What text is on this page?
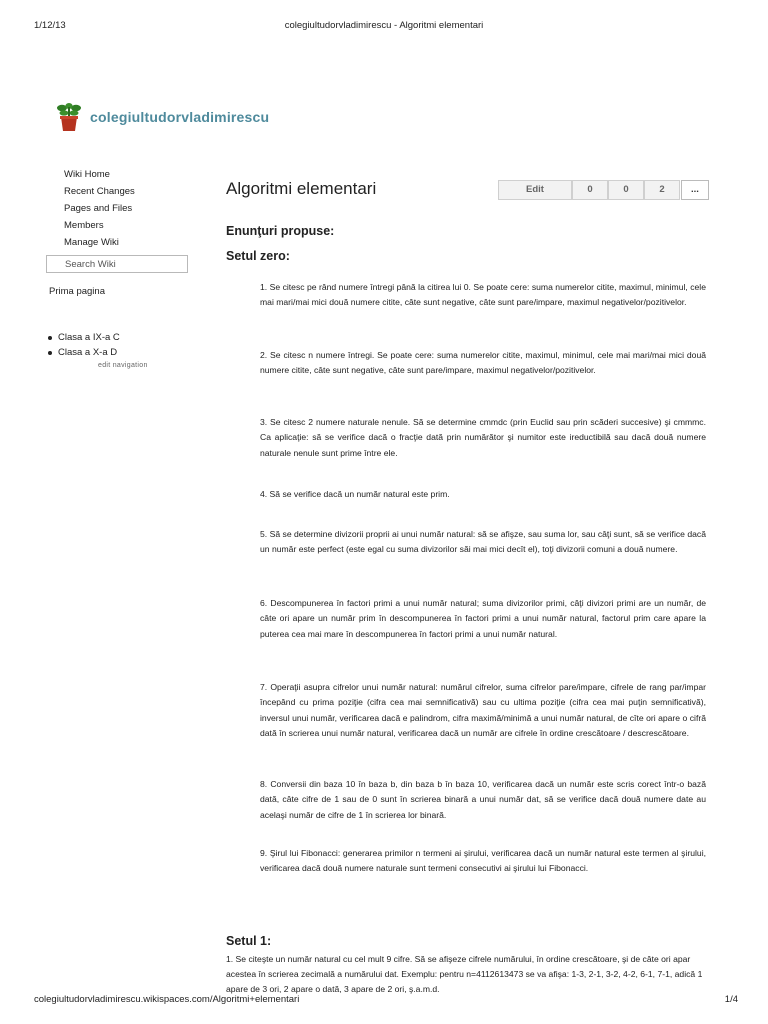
1/12/13	colegiultudorvladimirescu - Algoritmi elementari
colegiultudorvladimirescu
Wiki Home
Recent Changes
Pages and Files
Members
Manage Wiki
Search Wiki
Prima pagina
Clasa a IX-a C
Clasa a X-a D
edit navigation
Algoritmi elementari	Edit	0	0	2	...
Enunţuri propuse:
Setul zero:

1. Se citesc pe rând numere întregi până la citirea lui 0. Se poate cere: suma numerelor citite, maximul, minimul, cele mai mari/mai mici două numere citite, câte sunt negative, câte sunt pare/impare, maximul negativelor/pozitivelor.

2. Se citesc n numere întregi. Se poate cere: suma numerelor citite, maximul, minimul, cele mai mari/mai mici două numere citite, câte sunt negative, câte sunt pare/impare, maximul negativelor/pozitivelor.

3. Se citesc 2 numere naturale nenule. Să se determine cmmdc (prin Euclid sau prin scăderi succesive) şi cmmmc. Ca aplicaţie: să se verifice dacă o fracţie dată prin numărător şi numitor este ireductibilă sau dacă două numere naturale nenule sunt prime între ele.

4. Să se verifice dacă un număr natural este prim.

5. Să se determine divizorii proprii ai unui număr natural: să se afişze, sau suma lor, sau câţi sunt, să se verifice dacă un număr este perfect (este egal cu suma divizorilor săi mai mici decît el), toţi divizorii comuni a două numere.

6. Descompunerea în factori primi a unui număr natural; suma divizorilor primi, câţi divizori primi are un număr, de câte ori apare un număr prim în descompunerea în factori primi a unui număr natural, factorul prim care apare la puterea cea mai mare în descompunerea în factori primi a unui număr natural.

7. Operaţii asupra cifrelor unui număr natural: numărul cifrelor, suma cifrelor pare/impare, cifrele de rang par/impar începând cu prima poziţie (cifra cea mai semnificativă) sau cu ultima poziţie (cifra cea mai puţin semnificativă), inversul unui număr, verificarea dacă e palindrom, cifra maximă/minimă a unui număr natural, de cîte ori apare o cifră dată în scrierea unui număr natural, verificarea dacă un număr are cifrele în ordine crescătoare / descrescătoare.

8. Conversii din baza 10 în baza b, din baza b în baza 10, verificarea dacă un număr este scris corect într-o bază dată, câte cifre de 1 sau de 0 sunt în scrierea binară a unui număr dat, să se verifice dacă două numere date au acelaşi număr de cifre de 1 în scrierea lor binară.

9. Şirul lui Fibonacci: generarea primilor n termeni ai şirului, verificarea dacă un număr natural este termen al şirului, verificarea dacă două numere naturale sunt termeni consecutivi ai şirului lui Fibonacci.

Setul 1:

1. Se citeşte un număr natural cu cel mult 9 cifre. Să se afişeze cifrele numărului, în ordine crescătoare, şi de câte ori apar acestea în scrierea zecimală a numărului dat. Exemplu: pentru n=4112613473 se va afişa: 1-3, 2-1, 3-2, 4-2, 6-1, 7-1, adică 1 apare de 3 ori, 2 apare o dată, 3 apare de 2 ori, ş.a.m.d.

colegiultudorvladimirescu.wikispaces.com/Algoritmi+elementari	1/4
